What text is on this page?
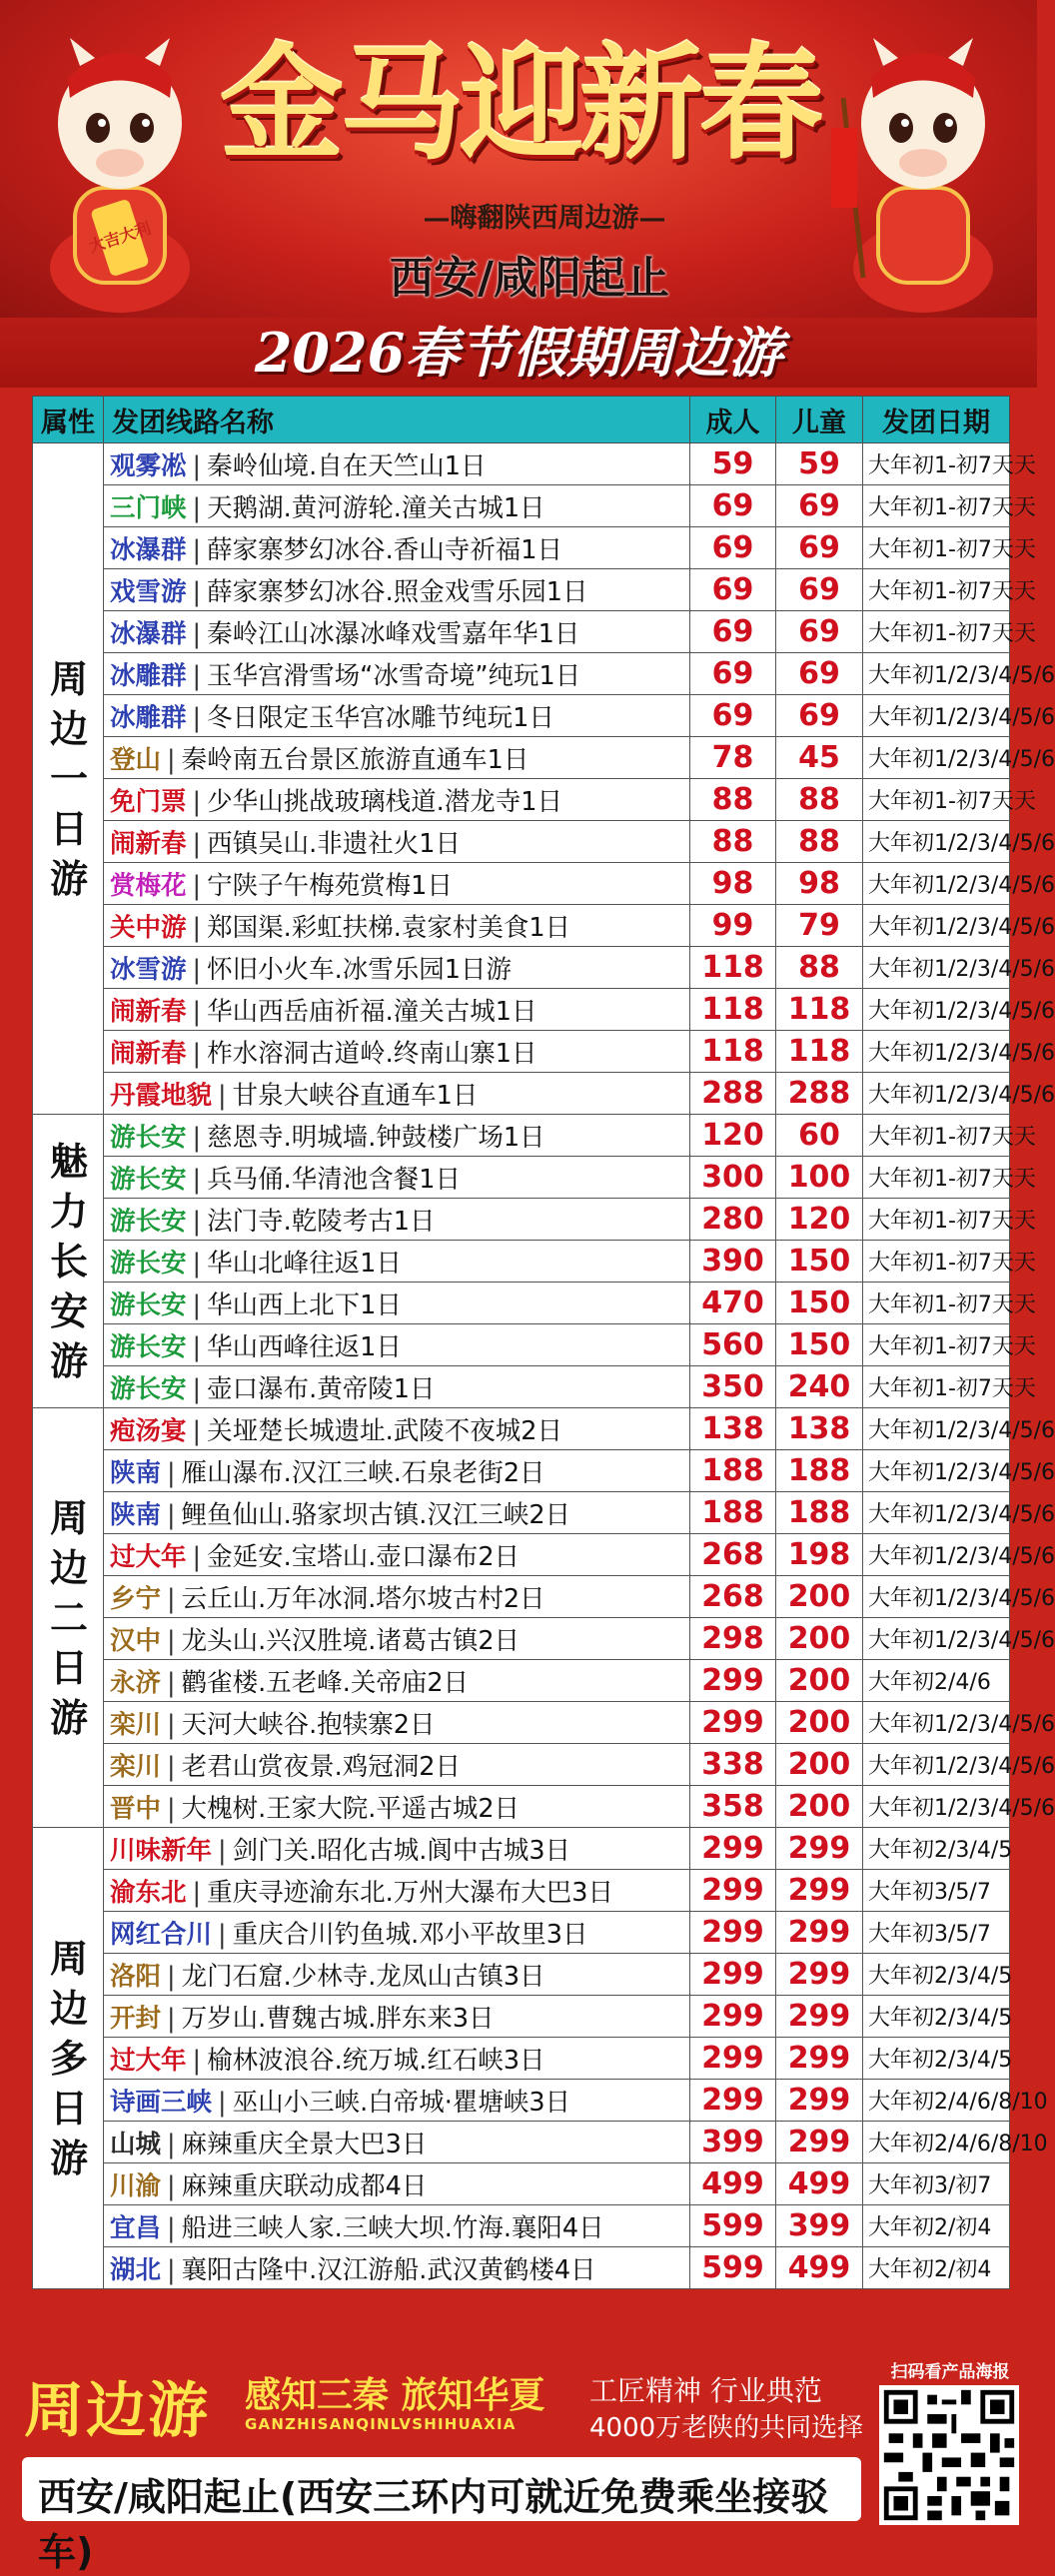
大吉大利
金马迎新春
—嗨翻陕西周边游—
西安/咸阳起止
2026春节假期周边游
属性	发团线路名称	成人	儿童	发团日期

周边一日游	观雾凇 | 秦岭仙境.自在天竺山1日	59	59	大年初1-初7天天
	三门峡 | 天鹅湖.黄河游轮.潼关古城1日	69	69	大年初1-初7天天
	冰瀑群 | 薛家寨梦幻冰谷.香山寺祈福1日	69	69	大年初1-初7天天
	戏雪游 | 薛家寨梦幻冰谷.照金戏雪乐园1日	69	69	大年初1-初7天天
	冰瀑群 | 秦岭江山冰瀑冰峰戏雪嘉年华1日	69	69	大年初1-初7天天
	冰雕群 | 玉华宫滑雪场“冰雪奇境”纯玩1日	69	69	大年初1/2/3/4/5/6
	冰雕群 | 冬日限定玉华宫冰雕节纯玩1日	69	69	大年初1/2/3/4/5/6
	登山 | 秦岭南五台景区旅游直通车1日	78	45	大年初1/2/3/4/5/6
	免门票 | 少华山挑战玻璃栈道.潜龙寺1日	88	88	大年初1-初7天天
	闹新春 | 西镇吴山.非遗社火1日	88	88	大年初1/2/3/4/5/6
	赏梅花 | 宁陕子午梅苑赏梅1日	98	98	大年初1/2/3/4/5/6
	关中游 | 郑国渠.彩虹扶梯.袁家村美食1日	99	79	大年初1/2/3/4/5/6
	冰雪游 | 怀旧小火车.冰雪乐园1日游	118	88	大年初1/2/3/4/5/6
	闹新春 | 华山西岳庙祈福.潼关古城1日	118	118	大年初1/2/3/4/5/6
	闹新春 | 柞水溶洞古道岭.终南山寨1日	118	118	大年初1/2/3/4/5/6
	丹霞地貌 | 甘泉大峡谷直通车1日	288	288	大年初1/2/3/4/5/6

魅力长安游	游长安 | 慈恩寺.明城墙.钟鼓楼广场1日	120	60	大年初1-初7天天
	游长安 | 兵马俑.华清池含餐1日	300	100	大年初1-初7天天
	游长安 | 法门寺.乾陵考古1日	280	120	大年初1-初7天天
	游长安 | 华山北峰往返1日	390	150	大年初1-初7天天
	游长安 | 华山西上北下1日	470	150	大年初1-初7天天
	游长安 | 华山西峰往返1日	560	150	大年初1-初7天天
	游长安 | 壶口瀑布.黄帝陵1日	350	240	大年初1-初7天天

周边二日游	疱汤宴 | 关垭楚长城遗址.武陵不夜城2日	138	138	大年初1/2/3/4/5/6
	陕南 | 雁山瀑布.汉江三峡.石泉老街2日	188	188	大年初1/2/3/4/5/6
	陕南 | 鲤鱼仙山.骆家坝古镇.汉江三峡2日	188	188	大年初1/2/3/4/5/6
	过大年 | 金延安.宝塔山.壶口瀑布2日	268	198	大年初1/2/3/4/5/6
	乡宁 | 云丘山.万年冰洞.塔尔坡古村2日	268	200	大年初1/2/3/4/5/6
	汉中 | 龙头山.兴汉胜境.诸葛古镇2日	298	200	大年初1/2/3/4/5/6
	永济 | 鹳雀楼.五老峰.关帝庙2日	299	200	大年初2/4/6
	栾川 | 天河大峡谷.抱犊寨2日	299	200	大年初1/2/3/4/5/6
	栾川 | 老君山赏夜景.鸡冠洞2日	338	200	大年初1/2/3/4/5/6
	晋中 | 大槐树.王家大院.平遥古城2日	358	200	大年初1/2/3/4/5/6

周边多日游	川味新年 | 剑门关.昭化古城.阆中古城3日	299	299	大年初2/3/4/5
	渝东北 | 重庆寻迹渝东北.万州大瀑布大巴3日	299	299	大年初3/5/7
	网红合川 | 重庆合川钓鱼城.邓小平故里3日	299	299	大年初3/5/7
	洛阳 | 龙门石窟.少林寺.龙凤山古镇3日	299	299	大年初2/3/4/5
	开封 | 万岁山.曹魏古城.胖东来3日	299	299	大年初2/3/4/5
	过大年 | 榆林波浪谷.统万城.红石峡3日	299	299	大年初2/3/4/5
	诗画三峡 | 巫山小三峡.白帝城·瞿塘峡3日	299	299	大年初2/4/6/8/10
	山城 | 麻辣重庆全景大巴3日	399	299	大年初2/4/6/8/10
	川渝 | 麻辣重庆联动成都4日	499	499	大年初3/初7
	宜昌 | 船进三峡人家.三峡大坝.竹海.襄阳4日	599	399	大年初2/初4
	湖北 | 襄阳古隆中.汉江游船.武汉黄鹤楼4日	599	499	大年初2/初4
周边游 感知三秦 旅知华夏
GANZHISANQINLVSHIHUAXIA
工匠精神 行业典范
4000万老陕的共同选择
西安/咸阳起止(西安三环内可就近免费乘坐接驳车)
扫码看产品海报
